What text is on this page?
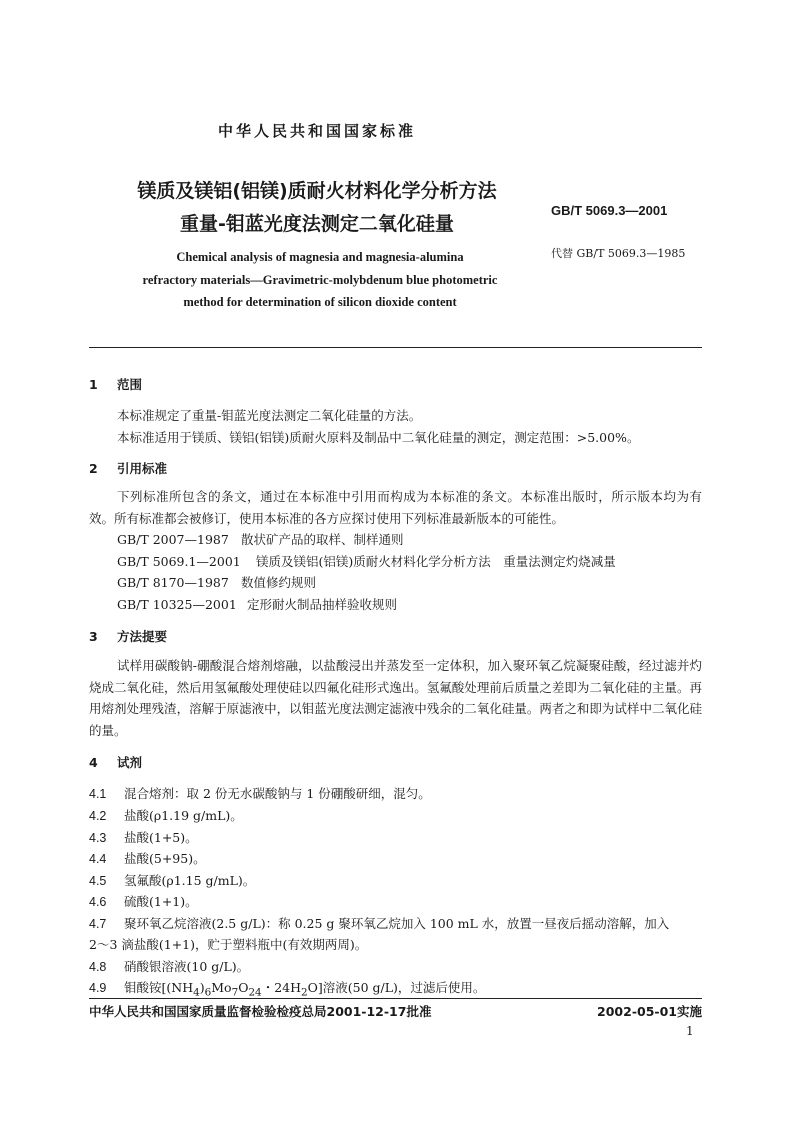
中华人民共和国国家标准
镁质及镁铝(铝镁)质耐火材料化学分析方法
重量-钼蓝光度法测定二氧化硅量
GB/T 5069.3—2001
代替 GB/T 5069.3—1985
Chemical analysis of magnesia and magnesia-alumina
refractory materials—Gravimetric-molybdenum blue photometric
method for determination of silicon dioxide content
1 范围
本标准规定了重量-钼蓝光度法测定二氧化硅量的方法。
本标准适用于镁质、镁铝(铝镁)质耐火原料及制品中二氧化硅量的测定，测定范围：>5.00%。
2 引用标准
下列标准所包含的条文，通过在本标准中引用而构成为本标准的条文。本标准出版时，所示版本均为有效。所有标准都会被修订，使用本标准的各方应探讨使用下列标准最新版本的可能性。
GB/T 2007—1987 散状矿产品的取样、制样通则
GB/T 5069.1—2001 镁质及镁铝(铝镁)质耐火材料化学分析方法　重量法测定灼烧减量
GB/T 8170—1987 数值修约规则
GB/T 10325—2001 定形耐火制品抽样验收规则
3 方法提要
试样用碳酸钠-硼酸混合熔剂熔融，以盐酸浸出并蒸发至一定体积，加入聚环氧乙烷凝聚硅酸，经过滤并灼烧成二氧化硅，然后用氢氟酸处理使硅以四氟化硅形式逸出。氢氟酸处理前后质量之差即为二氧化硅的主量。再用熔剂处理残渣，溶解于原滤液中，以钼蓝光度法测定滤液中残余的二氧化硅量。两者之和即为试样中二氧化硅的量。
4 试剂
4.1 混合熔剂：取 2 份无水碳酸钠与 1 份硼酸研细，混匀。
4.2 盐酸(ρ1.19 g/mL)。
4.3 盐酸(1+5)。
4.4 盐酸(5+95)。
4.5 氢氟酸(ρ1.15 g/mL)。
4.6 硫酸(1+1)。
4.7 聚环氧乙烷溶液(2.5 g/L)：称 0.25 g 聚环氧乙烷加入 100 mL 水，放置一昼夜后摇动溶解，加入
2～3 滴盐酸(1+1)，贮于塑料瓶中(有效期两周)。
4.8 硝酸银溶液(10 g/L)。
4.9 钼酸铵[$(NH_4)_6Mo_7O_{24}$・$24H_2O$]溶液(50 g/L)，过滤后使用。
中华人民共和国国家质量监督检验检疫总局2001-12-17批准	2002-05-01实施
1
